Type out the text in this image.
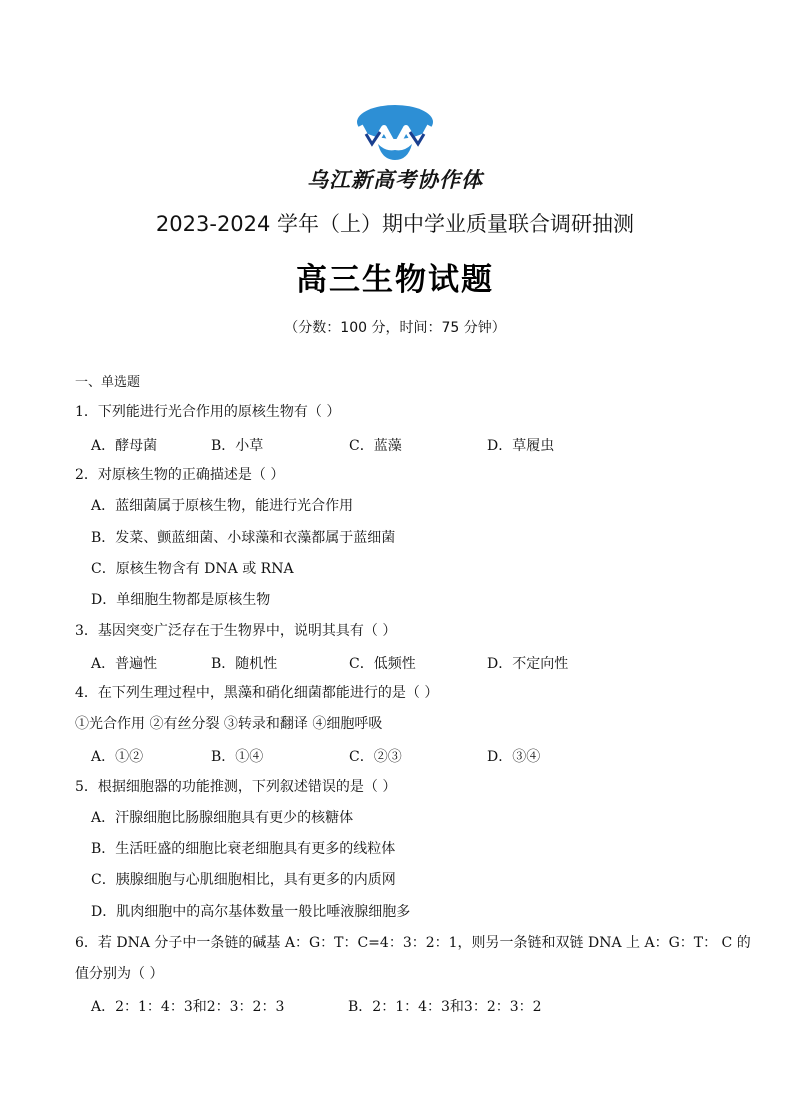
乌江新高考协作体
2023-2024 学年（上）期中学业质量联合调研抽测
高三生物试题
（分数：100 分，时间：75 分钟）
一、单选题
1．下列能进行光合作用的原核生物有（ ）
A．酵母菌	B．小草	C．蓝藻	D．草履虫
2．对原核生物的正确描述是（ ）
A．蓝细菌属于原核生物，能进行光合作用
B．发菜、颤蓝细菌、小球藻和衣藻都属于蓝细菌
C．原核生物含有 DNA 或 RNA
D．单细胞生物都是原核生物
3．基因突变广泛存在于生物界中，说明其具有（ ）
A．普遍性	B．随机性	C．低频性	D．不定向性
4．在下列生理过程中，黑藻和硝化细菌都能进行的是（ ）
①光合作用 ②有丝分裂 ③转录和翻译 ④细胞呼吸
A．①②	B．①④	C．②③	D．③④
5．根据细胞器的功能推测，下列叙述错误的是（ ）
A．汗腺细胞比肠腺细胞具有更少的核糖体
B．生活旺盛的细胞比衰老细胞具有更多的线粒体
C．胰腺细胞与心肌细胞相比，具有更多的内质网
D．肌肉细胞中的高尔基体数量一般比唾液腺细胞多
6．若 DNA 分子中一条链的碱基 A：G：T：C=4：3：2：1，则另一条链和双链 DNA 上 A：G：T： C 的
值分别为（ ）
A．2：1：4：3和2：3：2：3	B．2：1：4：3和3：2：3：2
